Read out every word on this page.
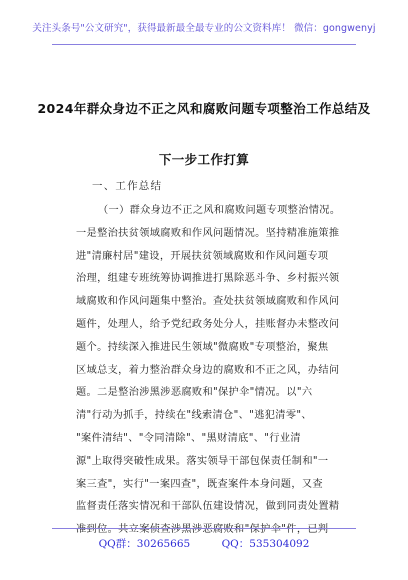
关注头条号"公文研究"，获得最新最全最专业的公文资料库！ 微信：gongwenyj
2024年群众身边不正之风和腐败问题专项整治工作总结及
下一步工作打算
一、工作总结
（一）群众身边不正之风和腐败问题专项整治情况。
一是整治扶贫领域腐败和作风问题情况。坚持精准施策推
进"清廉村居"建设，开展扶贫领域腐败和作风问题专项
治理，组建专班统筹协调推进打黑除恶斗争、乡村振兴领
域腐败和作风问题集中整治。查处扶贫领域腐败和作风问
题件，处理人，给予党纪政务处分人，挂账督办未整改问
题个。持续深入推进民生领域"微腐败"专项整治，聚焦
区域总支，着力整治群众身边的腐败和不正之风，办结问
题。二是整治涉黑涉恶腐败和"保护伞"情况。以"六
清"行动为抓手，持续在"线索清仓"、"逃犯清零"、
"案件清结"、"令同清除"、"黑财清底"、"行业清
源"上取得突破性成果。落实领导干部包保责任制和"一
案三查"，实行"一案四查"，既查案件本身问题，又查
监督责任落实情况和干部队伍建设情况，做到同责处置精
准到位。共立案侦查涉黑涉恶腐败和"保护伞"件，已判
QQ群：30265665	QQ：535304092
